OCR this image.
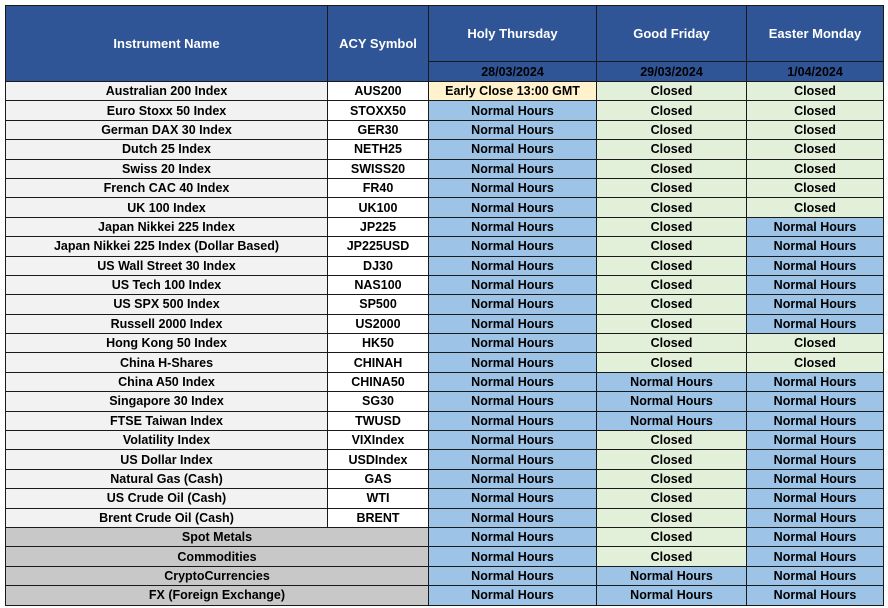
Instrument Name	ACY Symbol	Holy Thursday	Good Friday	Easter Monday
		28/03/2024	29/03/2024	1/04/2024
Australian 200 Index	AUS200	Early Close 13:00 GMT	Closed	Closed
Euro Stoxx 50 Index	STOXX50	Normal Hours	Closed	Closed
German DAX 30 Index	GER30	Normal Hours	Closed	Closed
Dutch 25 Index	NETH25	Normal Hours	Closed	Closed
Swiss 20 Index	SWISS20	Normal Hours	Closed	Closed
French CAC 40 Index	FR40	Normal Hours	Closed	Closed
UK 100 Index	UK100	Normal Hours	Closed	Closed
Japan Nikkei 225 Index	JP225	Normal Hours	Closed	Normal Hours
Japan Nikkei 225 Index (Dollar Based)	JP225USD	Normal Hours	Closed	Normal Hours
US Wall Street 30 Index	DJ30	Normal Hours	Closed	Normal Hours
US Tech 100 Index	NAS100	Normal Hours	Closed	Normal Hours
US SPX 500 Index	SP500	Normal Hours	Closed	Normal Hours
Russell 2000 Index	US2000	Normal Hours	Closed	Normal Hours
Hong Kong 50 Index	HK50	Normal Hours	Closed	Closed
China H-Shares	CHINAH	Normal Hours	Closed	Closed
China A50 Index	CHINA50	Normal Hours	Normal Hours	Normal Hours
Singapore 30 Index	SG30	Normal Hours	Normal Hours	Normal Hours
FTSE Taiwan Index	TWUSD	Normal Hours	Normal Hours	Normal Hours
Volatility Index	VIXIndex	Normal Hours	Closed	Normal Hours
US Dollar Index	USDIndex	Normal Hours	Closed	Normal Hours
Natural Gas (Cash)	GAS	Normal Hours	Closed	Normal Hours
US Crude Oil (Cash)	WTI	Normal Hours	Closed	Normal Hours
Brent Crude Oil (Cash)	BRENT	Normal Hours	Closed	Normal Hours
Spot Metals		Normal Hours	Closed	Normal Hours
Commodities		Normal Hours	Closed	Normal Hours
CryptoCurrencies		Normal Hours	Normal Hours	Normal Hours
FX (Foreign Exchange)		Normal Hours	Normal Hours	Normal Hours
